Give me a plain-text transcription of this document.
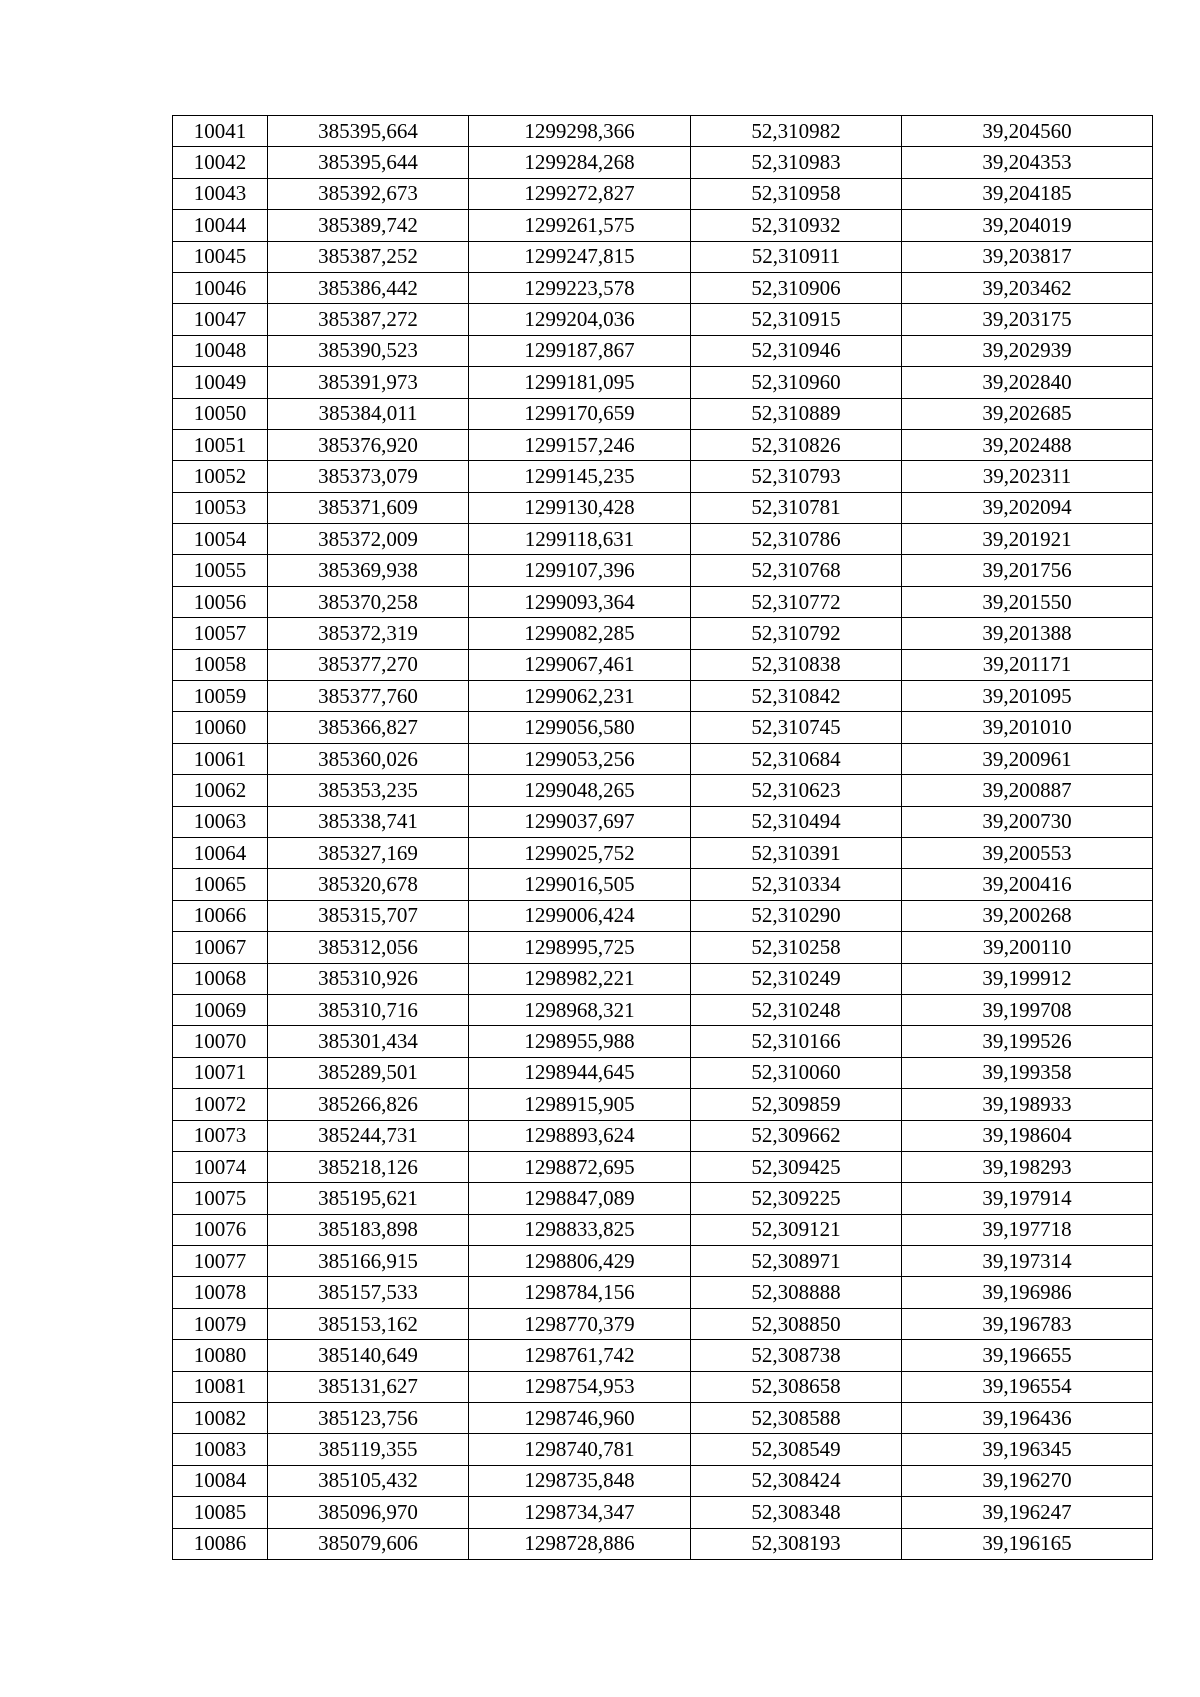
10041	385395,664	1299298,366	52,310982	39,204560
10042	385395,644	1299284,268	52,310983	39,204353
10043	385392,673	1299272,827	52,310958	39,204185
10044	385389,742	1299261,575	52,310932	39,204019
10045	385387,252	1299247,815	52,310911	39,203817
10046	385386,442	1299223,578	52,310906	39,203462
10047	385387,272	1299204,036	52,310915	39,203175
10048	385390,523	1299187,867	52,310946	39,202939
10049	385391,973	1299181,095	52,310960	39,202840
10050	385384,011	1299170,659	52,310889	39,202685
10051	385376,920	1299157,246	52,310826	39,202488
10052	385373,079	1299145,235	52,310793	39,202311
10053	385371,609	1299130,428	52,310781	39,202094
10054	385372,009	1299118,631	52,310786	39,201921
10055	385369,938	1299107,396	52,310768	39,201756
10056	385370,258	1299093,364	52,310772	39,201550
10057	385372,319	1299082,285	52,310792	39,201388
10058	385377,270	1299067,461	52,310838	39,201171
10059	385377,760	1299062,231	52,310842	39,201095
10060	385366,827	1299056,580	52,310745	39,201010
10061	385360,026	1299053,256	52,310684	39,200961
10062	385353,235	1299048,265	52,310623	39,200887
10063	385338,741	1299037,697	52,310494	39,200730
10064	385327,169	1299025,752	52,310391	39,200553
10065	385320,678	1299016,505	52,310334	39,200416
10066	385315,707	1299006,424	52,310290	39,200268
10067	385312,056	1298995,725	52,310258	39,200110
10068	385310,926	1298982,221	52,310249	39,199912
10069	385310,716	1298968,321	52,310248	39,199708
10070	385301,434	1298955,988	52,310166	39,199526
10071	385289,501	1298944,645	52,310060	39,199358
10072	385266,826	1298915,905	52,309859	39,198933
10073	385244,731	1298893,624	52,309662	39,198604
10074	385218,126	1298872,695	52,309425	39,198293
10075	385195,621	1298847,089	52,309225	39,197914
10076	385183,898	1298833,825	52,309121	39,197718
10077	385166,915	1298806,429	52,308971	39,197314
10078	385157,533	1298784,156	52,308888	39,196986
10079	385153,162	1298770,379	52,308850	39,196783
10080	385140,649	1298761,742	52,308738	39,196655
10081	385131,627	1298754,953	52,308658	39,196554
10082	385123,756	1298746,960	52,308588	39,196436
10083	385119,355	1298740,781	52,308549	39,196345
10084	385105,432	1298735,848	52,308424	39,196270
10085	385096,970	1298734,347	52,308348	39,196247
10086	385079,606	1298728,886	52,308193	39,196165
